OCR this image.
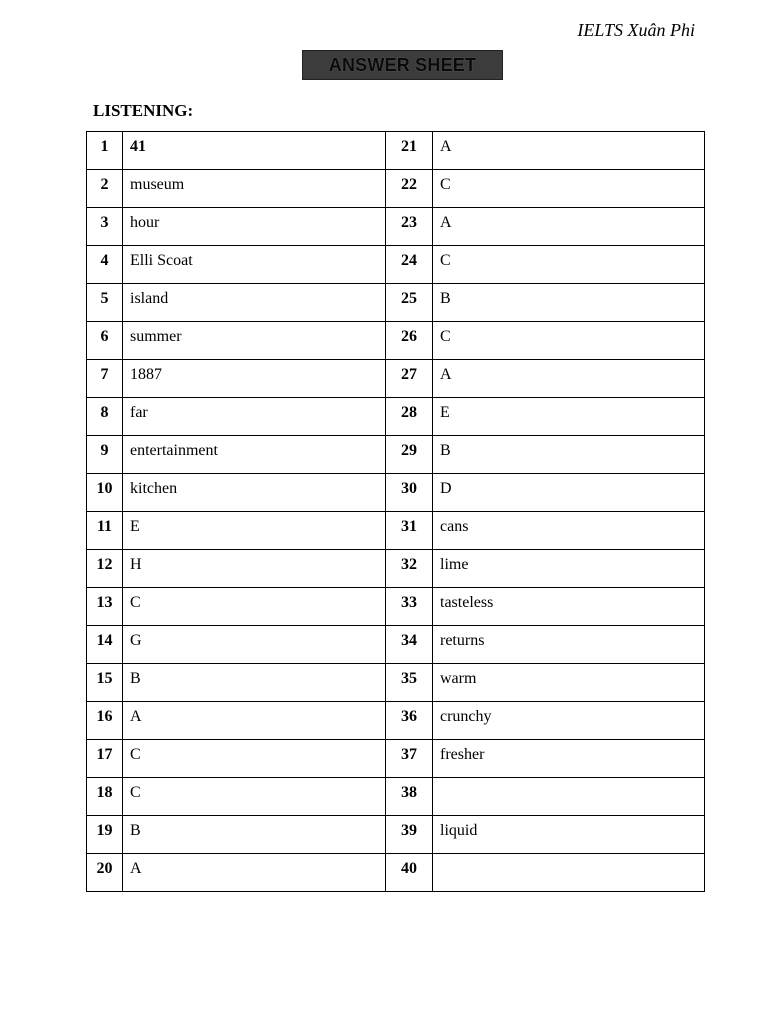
IELTS Xuân Phi
ANSWER SHEET
LISTENING:
1	41	21	A
2	museum	22	C
3	hour	23	A
4	Elli Scoat	24	C
5	island	25	B
6	summer	26	C
7	1887	27	A
8	far	28	E
9	entertainment	29	B
10	kitchen	30	D
11	E	31	cans
12	H	32	lime
13	C	33	tasteless
14	G	34	returns
15	B	35	warm
16	A	36	crunchy
17	C	37	fresher
18	C	38	
19	B	39	liquid
20	A	40	
